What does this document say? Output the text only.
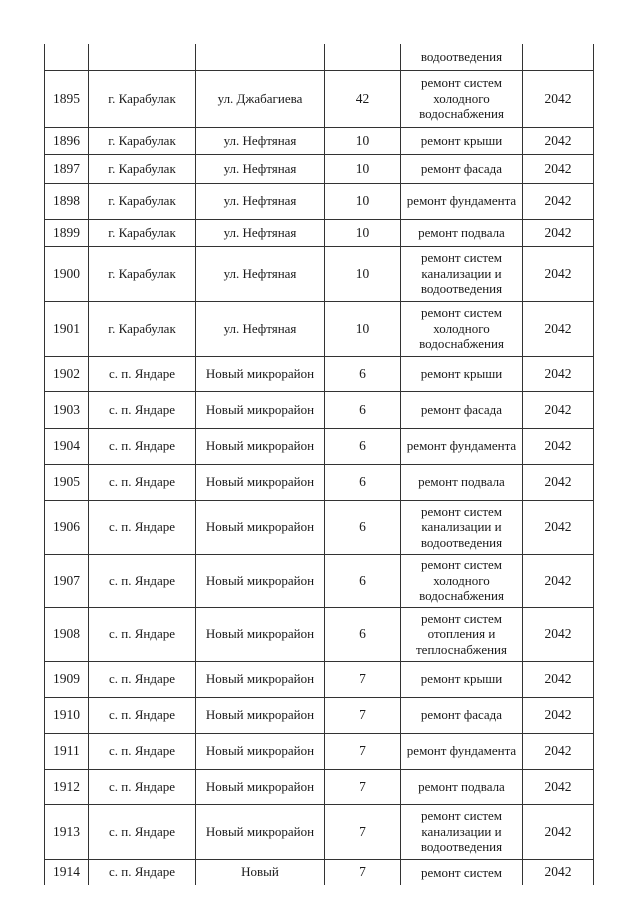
				водоотведения	
1895	г. Карабулак	ул. Джабагиева	42	ремонт систем холодного водоснабжения	2042
1896	г. Карабулак	ул. Нефтяная	10	ремонт крыши	2042
1897	г. Карабулак	ул. Нефтяная	10	ремонт фасада	2042
1898	г. Карабулак	ул. Нефтяная	10	ремонт фундамента	2042
1899	г. Карабулак	ул. Нефтяная	10	ремонт подвала	2042
1900	г. Карабулак	ул. Нефтяная	10	ремонт систем канализации и водоотведения	2042
1901	г. Карабулак	ул. Нефтяная	10	ремонт систем холодного водоснабжения	2042
1902	с. п. Яндаре	Новый микрорайон	6	ремонт крыши	2042
1903	с. п. Яндаре	Новый микрорайон	6	ремонт фасада	2042
1904	с. п. Яндаре	Новый микрорайон	6	ремонт фундамента	2042
1905	с. п. Яндаре	Новый микрорайон	6	ремонт подвала	2042
1906	с. п. Яндаре	Новый микрорайон	6	ремонт систем канализации и водоотведения	2042
1907	с. п. Яндаре	Новый микрорайон	6	ремонт систем холодного водоснабжения	2042
1908	с. п. Яндаре	Новый микрорайон	6	ремонт систем отопления и теплоснабжения	2042
1909	с. п. Яндаре	Новый микрорайон	7	ремонт крыши	2042
1910	с. п. Яндаре	Новый микрорайон	7	ремонт фасада	2042
1911	с. п. Яндаре	Новый микрорайон	7	ремонт фундамента	2042
1912	с. п. Яндаре	Новый микрорайон	7	ремонт подвала	2042
1913	с. п. Яндаре	Новый микрорайон	7	ремонт систем канализации и водоотведения	2042
1914	с. п. Яндаре	Новый	7	ремонт систем	2042
